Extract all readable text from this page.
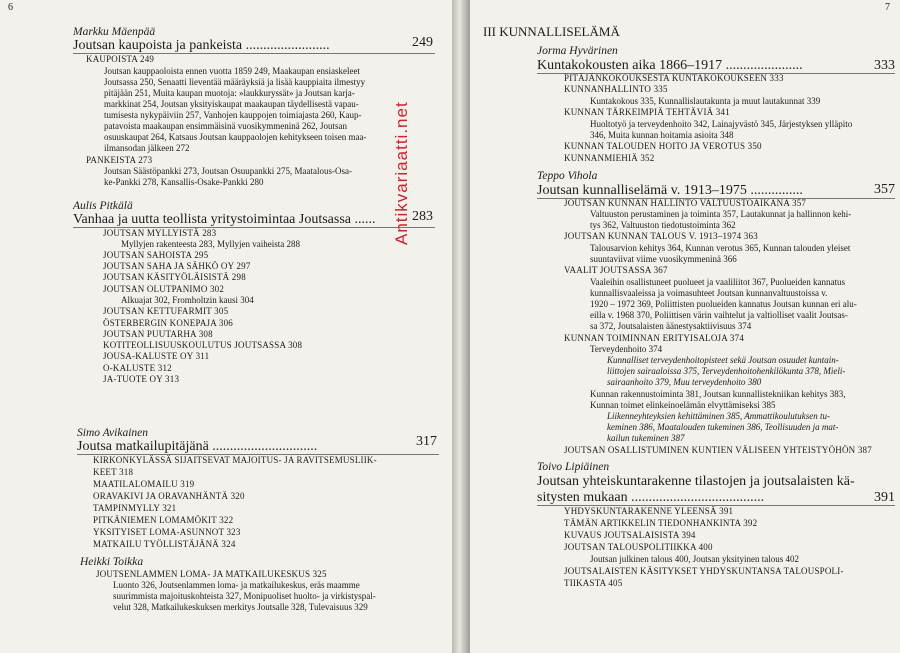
6
Markku Mäenpää
Joutsan kaupoista ja pankeista ........................	249
KAUPOISTA 249
Joutsan kauppaoloista ennen vuotta 1859 249, Maakaupan ensiaskeleet
Joutsassa 250, Senaatti lieventää määräyksiä ja lisää kauppiaita ilmestyy
pitäjään 251, Muita kaupan muotoja: »laukkuryssät» ja Joutsan karja-
markkinat 254, Joutsan yksityiskaupat maakaupan täydellisestä vapau-
tumisesta nykypäiviin 257, Vanhojen kauppojen toimiajasta 260, Kaup-
patavoista maakaupan ensimmäisinä vuosikymmeninä 262, Joutsan
osuuskaupat 264, Katsaus Joutsan kauppaolojen kehitykseen toisen maa-
ilmansodan jälkeen 272
PANKEISTA 273
Joutsan Säästöpankki 273, Joutsan Osuupankki 275, Maatalous-Osa-
ke-Pankki 278, Kansallis-Osake-Pankki 280
Aulis Pitkälä
Vanhaa ja uutta teollista yritystoimintaa Joutsassa ......	283
JOUTSAN MYLLYISTÄ 283
Myllyjen rakenteesta 283, Myllyjen vaiheista 288
JOUTSAN SAHOISTA 295
JOUTSAN SAHA JA SÄHKÖ OY 297
JOUTSAN KÄSITYÖLÄISISTÄ 298
JOUTSAN OLUTPANIMO 302
Alkuajat 302, Fromholtzin kausi 304
JOUTSAN KETTUFARMIT 305
ÖSTERBERGIN KONEPAJA 306
JOUTSAN PUUTARHA 308
KOTITEOLLISUUSKOULUTUS JOUTSASSA 308
JOUSA-KALUSTE OY 311
O-KALUSTE 312
JA-TUOTE OY 313
Simo Avikainen
Joutsa matkailupitäjänä ..............................	317
KIRKONKYLÄSSÄ SIJAITSEVAT MAJOITUS- JA RAVITSEMUSLIIK-
KEET 318
MAATILALOMAILU 319
ORAVAKIVI JA ORAVANHÄNTÄ 320
TAMPINMYLLY 321
PITKÄNIEMEN LOMAMÖKIT 322
YKSITYISET LOMA-ASUNNOT 323
MATKAILU TYÖLLISTÄJÄNÄ 324
Heikki Toikka
JOUTSENLAMMEN LOMA- JA MATKAILUKESKUS 325
Luonto 326, Joutsenlammen loma- ja matkailukeskus, eräs maamme
suurimmista majoituskohteista 327, Monipuoliset huolto- ja virkistyspal-
velut 328, Matkailukeskuksen merkitys Joutsalle 328, Tulevaisuus 329
7
III KUNNALLISELÄMÄ
Jorma Hyvärinen
Kuntakokousten aika 1866–1917 ......................	333
PITÄJÄNKOKOUKSESTA KUNTAKOKOUKSEEN 333
KUNNANHALLINTO 335
Kuntakokous 335, Kunnallislautakunta ja muut lautakunnat 339
KUNNAN TÄRKEIMPIÄ TEHTÄVIÄ 341
Huoltotyö ja terveydenhoito 342, Lainajyvästö 345, Järjestyksen ylläpito
346, Muita kunnan hoitamia asioita 348
KUNNAN TALOUDEN HOITO JA VEROTUS 350
KUNNANMIEHIÄ 352
Teppo Vihola
Joutsan kunnalliselämä v. 1913–1975 ...............	357
JOUTSAN KUNNAN HALLINTO VALTUUSTOAIKANA 357
Valtuuston perustaminen ja toiminta 357, Lautakunnat ja hallinnon kehi-
tys 362, Valtuuston tiedotustoiminta 362
JOUTSAN KUNNAN TALOUS V. 1913–1974 363
Talousarvion kehitys 364, Kunnan verotus 365, Kunnan talouden yleiset
suuntaviivat viime vuosikymmeninä 366
VAALIT JOUTSASSA 367
Vaaleihin osallistuneet puolueet ja vaaliliitot 367, Puolueiden kannatus
kunnallisvaaleissa ja voimasuhteet Joutsan kunnanvaltuustoissa v.
1920 – 1972 369, Poliittisten puolueiden kannatus Joutsan kunnan eri alu-
eilla v. 1968 370, Poliittisen värin vaihtelut ja valtiolliset vaalit Joutsas-
sa 372, Joutsalaisten äänestysaktiivisuus 374
KUNNAN TOIMINNAN ERITYISALOJA 374
Terveydenhoito 374
Kunnalliset terveydenhoitopisteet sekä Joutsan osuudet kuntain-
liittojen sairaaloissa 375, Terveydenhoitohenkilökunta 378, Mieli-
sairaanhoito 379, Muu terveydenhoito 380
Kunnan rakennustoiminta 381, Joutsan kunnallistekniikan kehitys 383,
Kunnan toimet elinkeinoelämän elvyttämiseksi 385
Liikenneyhteyksien kehittäminen 385, Ammattikoulutuksen tu-
keminen 386, Maatalouden tukeminen 386, Teollisuuden ja mat-
kailun tukeminen 387
JOUTSAN OSALLISTUMINEN KUNTIEN VÄLISEEN YHTEISTYÖHÖN 387
Toivo Lipiäinen
Joutsan yhteiskuntarakenne tilastojen ja joutsalaisten kä-
sitysten mukaan ......................................	391
YHDYSKUNTARAKENNE YLEENSÄ 391
TÄMÄN ARTIKKELIN TIEDONHANKINTA 392
KUVAUS JOUTSALAISISTA 394
JOUTSAN TALOUSPOLITIIKKA 400
Joutsan julkinen talous 400, Joutsan yksityinen talous 402
JOUTSALAISTEN KÄSITYKSET YHDYSKUNTANSA TALOUSPOLI-
TIIKASTA 405
Antikvariaatti.net
